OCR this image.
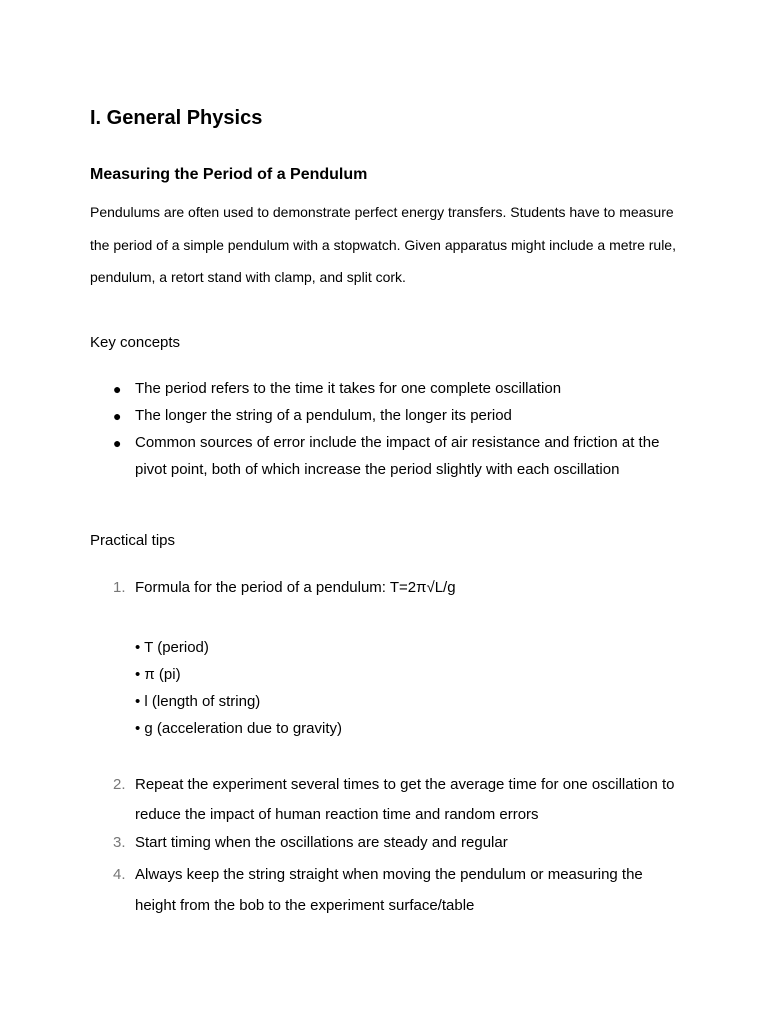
I. General Physics
Measuring the Period of a Pendulum
Pendulums are often used to demonstrate perfect energy transfers. Students have to measure
the period of a simple pendulum with a stopwatch. Given apparatus might include a metre rule,
pendulum, a retort stand with clamp, and split cork.
Key concepts
● The period refers to the time it takes for one complete oscillation
● The longer the string of a pendulum, the longer its period
● Common sources of error include the impact of air resistance and friction at the
pivot point, both of which increase the period slightly with each oscillation
Practical tips
1. Formula for the period of a pendulum: T=2π√L/g
• T (period)
• π (pi)
• l (length of string)
• g (acceleration due to gravity)
2. Repeat the experiment several times to get the average time for one oscillation to
reduce the impact of human reaction time and random errors
3. Start timing when the oscillations are steady and regular
4. Always keep the string straight when moving the pendulum or measuring the
height from the bob to the experiment surface/table
